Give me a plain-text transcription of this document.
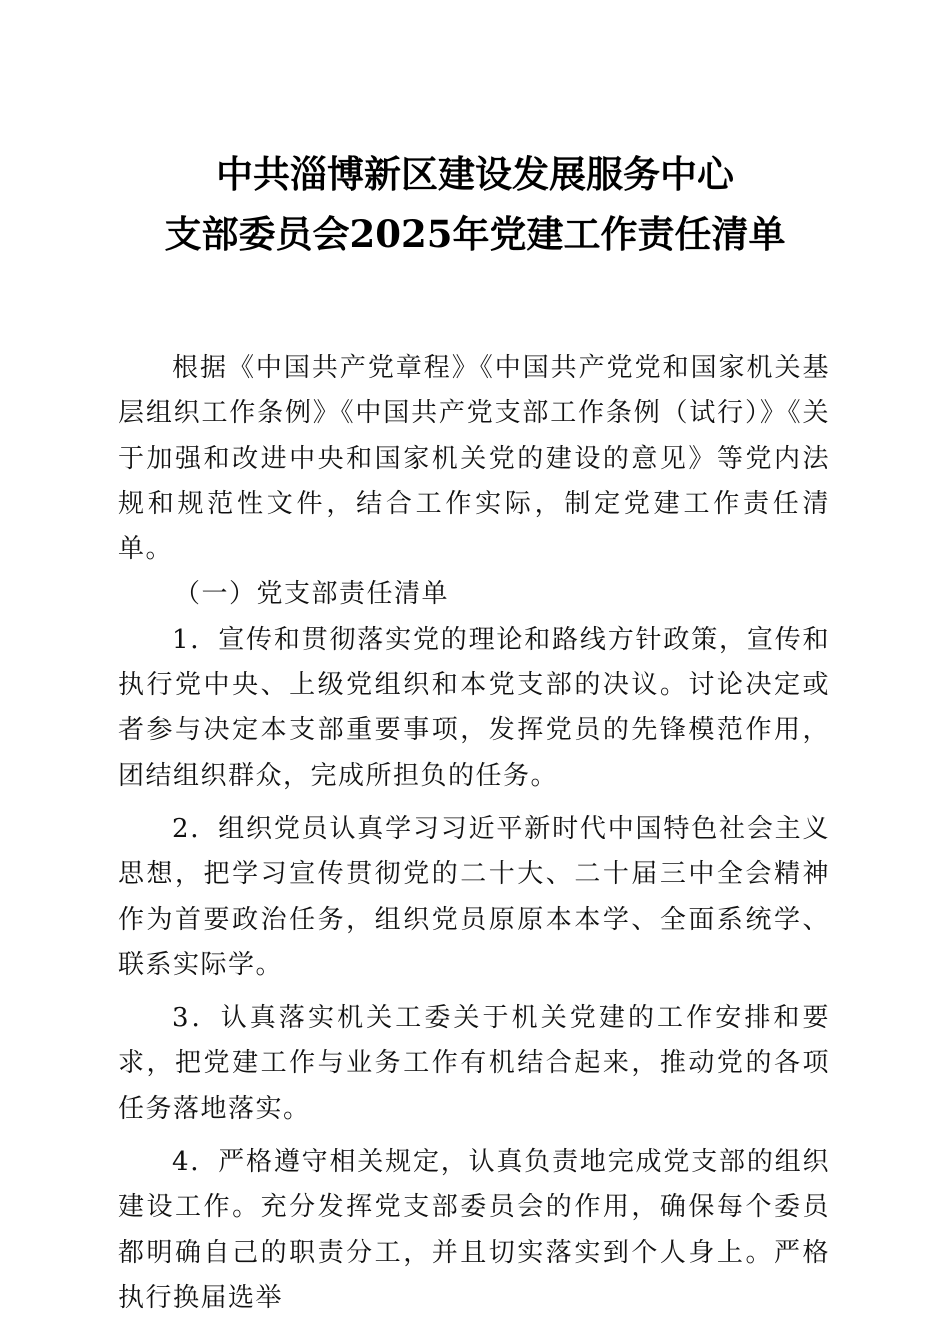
中共淄博新区建设发展服务中心
支部委员会2025年党建工作责任清单

根据《中国共产党章程》《中国共产党党和国家机关基层组织工作条例》《中国共产党支部工作条例（试行）》《关于加强和改进中央和国家机关党的建设的意见》等党内法规和规范性文件，结合工作实际，制定党建工作责任清单。

（一）党支部责任清单

1．宣传和贯彻落实党的理论和路线方针政策，宣传和执行党中央、上级党组织和本党支部的决议。讨论决定或者参与决定本支部重要事项，发挥党员的先锋模范作用，团结组织群众，完成所担负的任务。

2．组织党员认真学习习近平新时代中国特色社会主义思想，把学习宣传贯彻党的二十大、二十届三中全会精神作为首要政治任务，组织党员原原本本学、全面系统学、联系实际学。

3．认真落实机关工委关于机关党建的工作安排和要求，把党建工作与业务工作有机结合起来，推动党的各项任务落地落实。

4．严格遵守相关规定，认真负责地完成党支部的组织建设工作。充分发挥党支部委员会的作用，确保每个委员都明确自己的职责分工，并且切实落实到个人身上。严格执行换届选举
